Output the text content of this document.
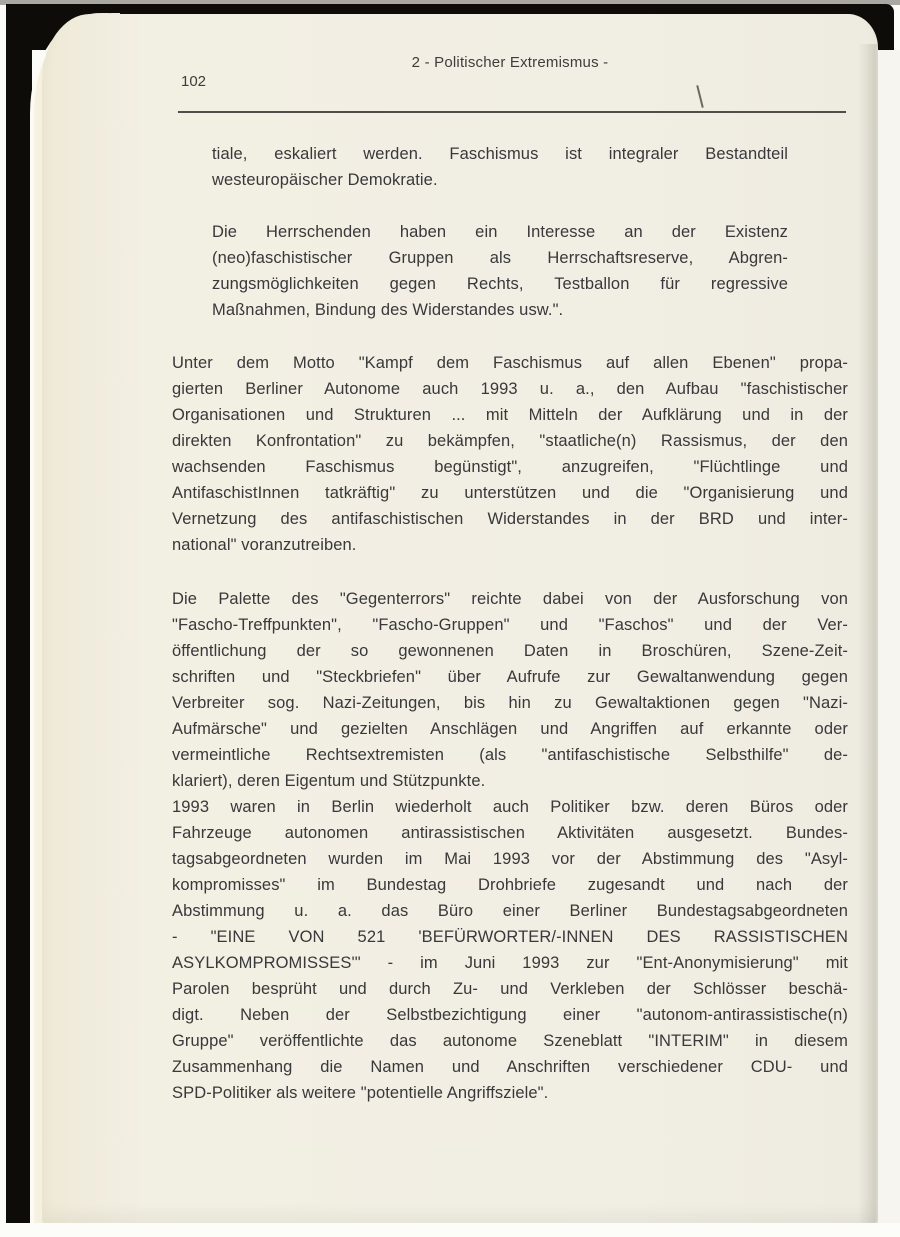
2 - Politischer Extremismus -
102
tiale, eskaliert werden. Faschismus ist integraler Bestandteil
westeuropäischer Demokratie.
Die Herrschenden haben ein Interesse an der Existenz
(neo)faschistischer Gruppen als Herrschaftsreserve, Abgren-
zungsmöglichkeiten gegen Rechts, Testballon für regressive
Maßnahmen, Bindung des Widerstandes usw.".
Unter dem Motto "Kampf dem Faschismus auf allen Ebenen" propa-
gierten Berliner Autonome auch 1993 u. a., den Aufbau "faschistischer
Organisationen und Strukturen ... mit Mitteln der Aufklärung und in der
direkten Konfrontation" zu bekämpfen, "staatliche(n) Rassismus, der den
wachsenden Faschismus begünstigt", anzugreifen, "Flüchtlinge und
AntifaschistInnen tatkräftig" zu unterstützen und die "Organisierung und
Vernetzung des antifaschistischen Widerstandes in der BRD und inter-
national" voranzutreiben.
Die Palette des "Gegenterrors" reichte dabei von der Ausforschung von
"Fascho-Treffpunkten", "Fascho-Gruppen" und "Faschos" und der Ver-
öffentlichung der so gewonnenen Daten in Broschüren, Szene-Zeit-
schriften und "Steckbriefen" über Aufrufe zur Gewaltanwendung gegen
Verbreiter sog. Nazi-Zeitungen, bis hin zu Gewaltaktionen gegen "Nazi-
Aufmärsche" und gezielten Anschlägen und Angriffen auf erkannte oder
vermeintliche Rechtsextremisten (als "antifaschistische Selbsthilfe" de-
klariert), deren Eigentum und Stützpunkte.
1993 waren in Berlin wiederholt auch Politiker bzw. deren Büros oder
Fahrzeuge autonomen antirassistischen Aktivitäten ausgesetzt. Bundes-
tagsabgeordneten wurden im Mai 1993 vor der Abstimmung des "Asyl-
kompromisses" im Bundestag Drohbriefe zugesandt und nach der
Abstimmung u. a. das Büro einer Berliner Bundestagsabgeordneten
- "EINE VON 521 'BEFÜRWORTER/-INNEN DES RASSISTISCHEN
ASYLKOMPROMISSES'" - im Juni 1993 zur "Ent-Anonymisierung" mit
Parolen besprüht und durch Zu- und Verkleben der Schlösser beschä-
digt. Neben der Selbstbezichtigung einer "autonom-antirassistische(n)
Gruppe" veröffentlichte das autonome Szeneblatt "INTERIM" in diesem
Zusammenhang die Namen und Anschriften verschiedener CDU- und
SPD-Politiker als weitere "potentielle Angriffsziele".
